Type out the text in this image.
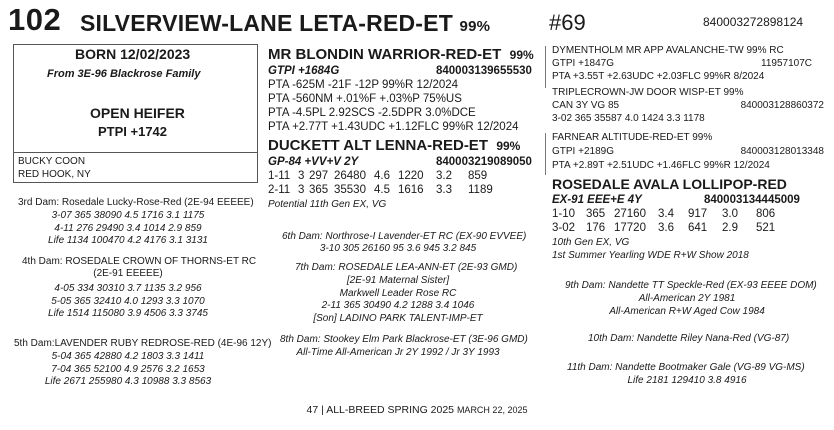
102 SILVERVIEW-LANE LETA-RED-ET 99%	#69	840003272898124
BORN 12/02/2023
From 3E-96 Blackrose Family
OPEN HEIFER
PTPI +1742
BUCKY COON
RED HOOK, NY
MR BLONDIN WARRIOR-RED-ET 99%
GTPI +1684G	840003139655530
PTA -625M -21F -12P 99%R 12/2024
PTA -560NM +.01%F +.03%P 75%US
PTA -4.5PL 2.92SCS -2.5DPR 3.0%DCE
PTA +2.77T +1.43UDC +1.12FLC 99%R 12/2024
DUCKETT ALT LENNA-RED-ET 99%
GP-84 +VV+V 2Y	840003219089050
1-11 3 297 26480 4.6 1220 3.2 859
2-11 3 365 35530 4.5 1616 3.3 1189
Potential 11th Gen EX, VG
3rd Dam: Rosedale Lucky-Rose-Red (2E-94 EEEEE)
3-07 365 38090 4.5 1716 3.1 1175
4-11 276 29490 3.4 1014 2.9 859
Life 1134 100470 4.2 4176 3.1 3131
4th Dam: ROSEDALE CROWN OF THORNS-ET RC
(2E-91 EEEEE)
4-05 334 30310 3.7 1135 3.2 956
5-05 365 32410 4.0 1293 3.3 1070
Life 1514 115080 3.9 4506 3.3 3745
5th Dam:LAVENDER RUBY REDROSE-RED (4E-96 12Y)
5-04 365 42880 4.2 1803 3.3 1411
7-04 365 52100 4.9 2576 3.2 1653
Life 2671 255980 4.3 10988 3.3 8563
6th Dam: Northrose-I Lavender-ET RC (EX-90 EVVEE)
3-10 305 26160 95 3.6 945 3.2 845
7th Dam: ROSEDALE LEA-ANN-ET (2E-93 GMD)
[2E-91 Maternal Sister]
Markwell Leader Rose RC
2-11 365 30490 4.2 1288 3.4 1046
[Son] LADINO PARK TALENT-IMP-ET
8th Dam: Stookey Elm Park Blackrose-ET (3E-96 GMD)
All-Time All-American Jr 2Y 1992 / Jr 3Y 1993
DYMENTHOLM MR APP AVALANCHE-TW 99% RC
GTPI +1847G	11957107C
PTA +3.55T +2.63UDC +2.03FLC 99%R 8/2024
TRIPLECROWN-JW DOOR WISP-ET 99%
CAN 3Y VG 85	840003128860372
3-02 365 35587 4.0 1424 3.3 1178
FARNEAR ALTITUDE-RED-ET 99%
GTPI +2189G	840003128013348
PTA +2.89T +2.51UDC +1.46FLC 99%R 12/2024
ROSEDALE AVALA LOLLIPOP-RED
EX-91 EEE+E 4Y	840003134445009
1-10 365 27160 3.4 917 3.0 806
3-02 176 17720 3.6 641 2.9 521
10th Gen EX, VG
1st Summer Yearling WDE R+W Show 2018
9th Dam: Nandette TT Speckle-Red (EX-93 EEEE DOM)
All-American 2Y 1981
All-American R+W Aged Cow 1984
10th Dam: Nandette Riley Nana-Red (VG-87)
11th Dam: Nandette Bootmaker Gale (VG-89 VG-MS)
Life 2181 129410 3.8 4916
47 | ALL-BREED SPRING 2025 MARCH 22, 2025
